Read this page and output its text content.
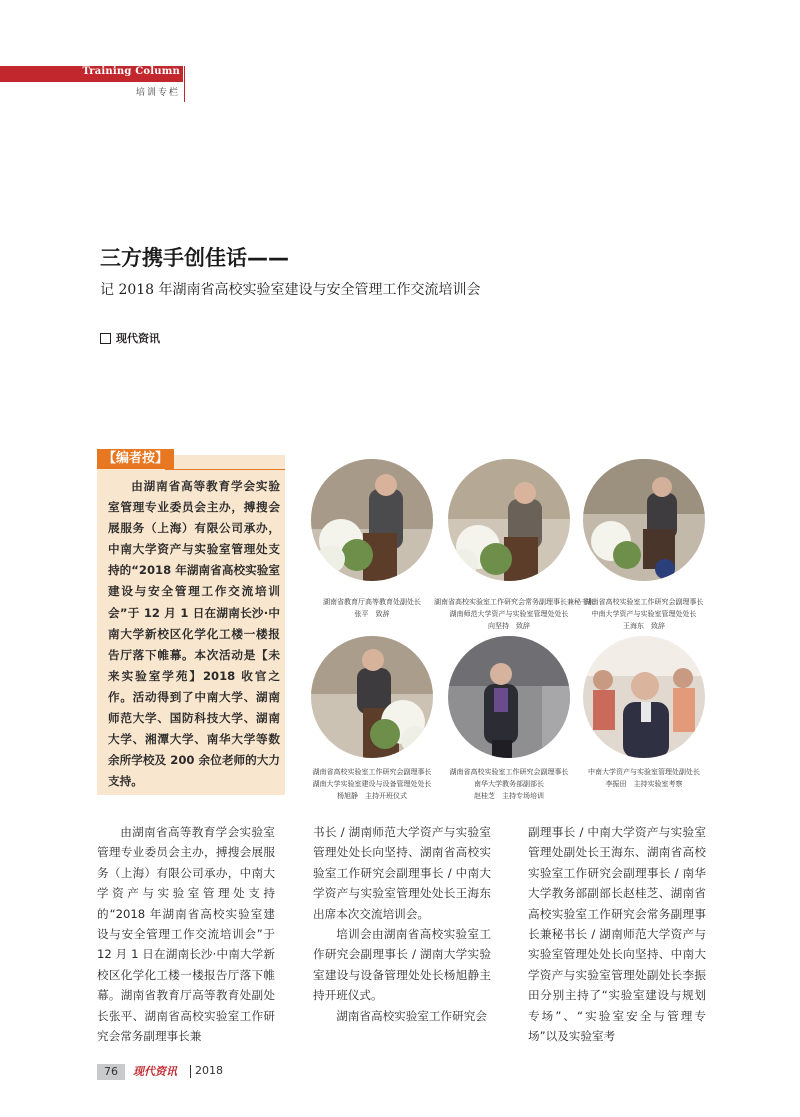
Training Column
培训专栏
三方携手创佳话——
记 2018 年湖南省高校实验室建设与安全管理工作交流培训会
现代资讯
【编者按】

由湖南省高等教育学会实验室管理专业委员会主办，搏搜会展服务（上海）有限公司承办，中南大学资产与实验室管理处支持的“2018 年湖南省高校实验室建设与安全管理工作交流培训会”于 12 月 1 日在湖南长沙·中南大学新校区化学化工楼一楼报告厅落下帷幕。本次活动是【未来实验室学苑】2018 收官之作。活动得到了中南大学、湖南师范大学、国防科技大学、湖南大学、湘潭大学、南华大学等数余所学校及 200 余位老师的大力支持。

湖南省教育厅高等教育处副处长
张平　致辞
湖南省高校实验室工作研究会常务副理事长兼秘书长
湖南师范大学资产与实验室管理处处长
向坚持　致辞
湖南省高校实验室工作研究会副理事长
中南大学资产与实验室管理处处长
王海东　致辞
湖南省高校实验室工作研究会副理事长
湖南大学实验室建设与设备管理处处长
杨旭静　主持开班仪式
湖南省高校实验室工作研究会副理事长
南华大学教务部副部长
赵桂芝　主持专场培训
中南大学资产与实验室管理处副处长
李振田　主持实验室考察

由湖南省高等教育学会实验室管理专业委员会主办，搏搜会展服务（上海）有限公司承办，中南大学资产与实验室管理处支持的“2018 年湖南省高校实验室建设与安全管理工作交流培训会”于 12 月 1 日在湖南长沙·中南大学新校区化学化工楼一楼报告厅落下帷幕。湖南省教育厅高等教育处副处长张平、湖南省高校实验室工作研究会常务副理事长兼

书长 / 湖南师范大学资产与实验室管理处处长向坚持、湖南省高校实验室工作研究会副理事长 / 中南大学资产与实验室管理处处长王海东出席本次交流培训会。

培训会由湖南省高校实验室工作研究会副理事长 / 湖南大学实验室建设与设备管理处处长杨旭静主持开班仪式。

湖南省高校实验室工作研究会

副理事长 / 中南大学资产与实验室管理处副处长王海东、湖南省高校实验室工作研究会副理事长 / 南华大学教务部副部长赵桂芝、湖南省高校实验室工作研究会常务副理事长兼秘书长 / 湖南师范大学资产与实验室管理处处长向坚持、中南大学资产与实验室管理处副处长李振田分别主持了“实验室建设与规划专场”、“实验室安全与管理专场”以及实验室考

76	现代资讯 2018
